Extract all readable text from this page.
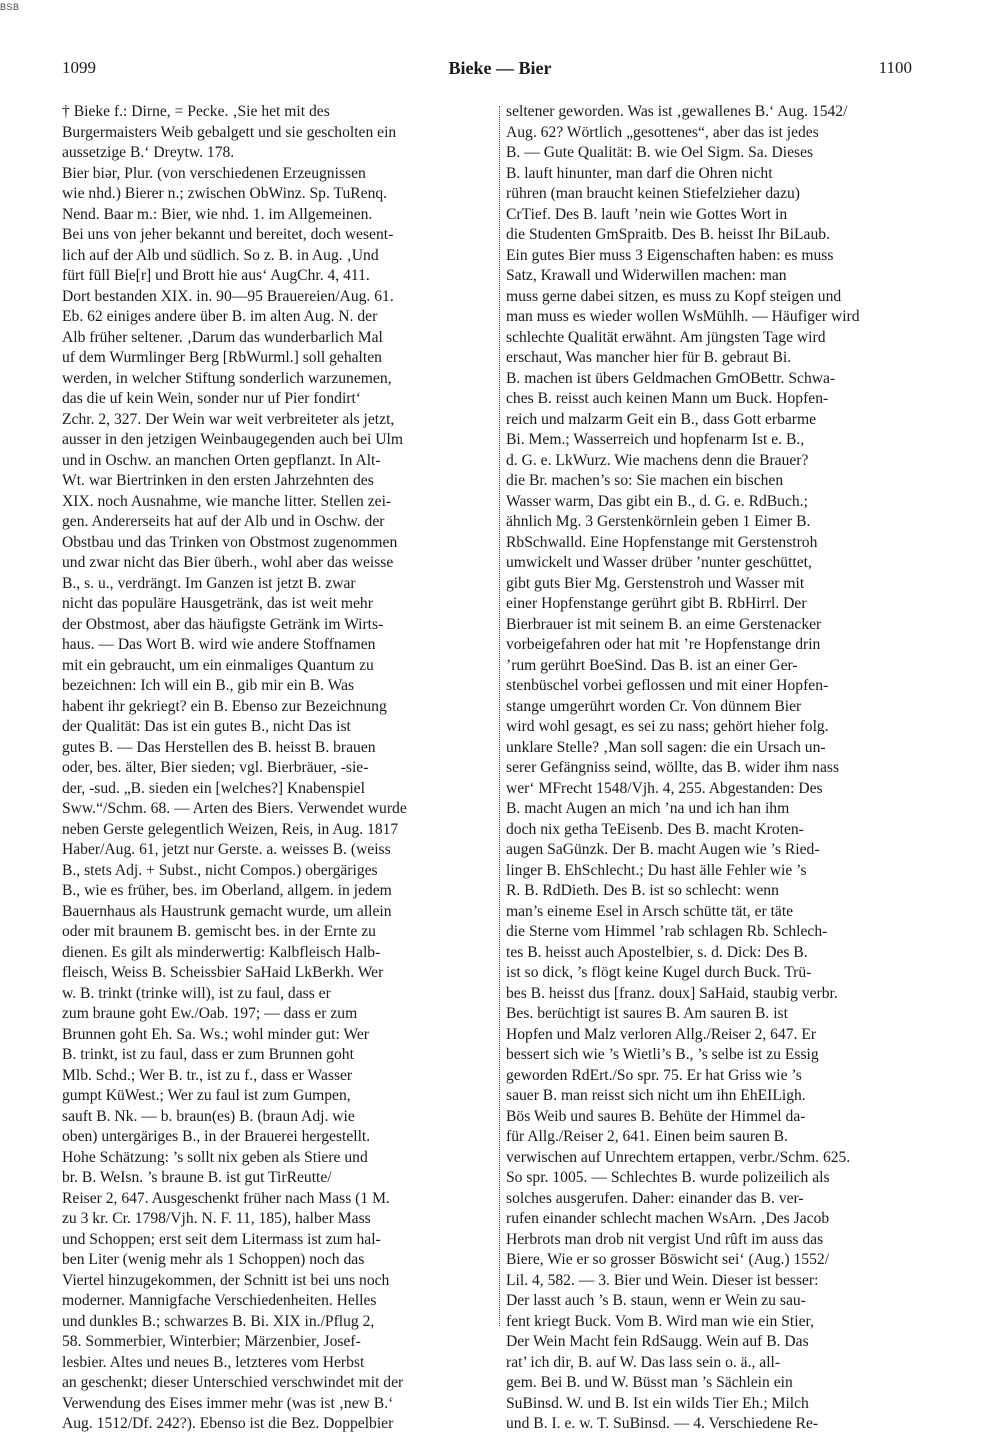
BSB
1099	Bieke — Bier	1100
† Bieke f.: Dirne, = Pecke. ‚Sie het mit des
Burgermaisters Weib gebalgett und sie gescholten ein
aussetzige B.‘ Dreytw. 178.
Bier biər, Plur. (von verschiedenen Erzeugnissen
wie nhd.) Bierer n.; zwischen ObWinz. Sp. TuRenq.
Nend. Baar m.: Bier, wie nhd. 1. im Allgemeinen.
Bei uns von jeher bekannt und bereitet, doch wesent-
lich auf der Alb und südlich. So z. B. in Aug. ‚Und
fürt füll Bie[r] und Brott hie aus‘ AugChr. 4, 411.
Dort bestanden XIX. in. 90—95 Brauereien/Aug. 61.
Eb. 62 einiges andere über B. im alten Aug. N. der
Alb früher seltener. ‚Darum das wunderbarlich Mal
uf dem Wurmlinger Berg [RbWurml.] soll gehalten
werden, in welcher Stiftung sonderlich warzunemen,
das die uf kein Wein, sonder nur uf Pier fondirt‘
Zchr. 2, 327. Der Wein war weit verbreiteter als jetzt,
ausser in den jetzigen Weinbaugegenden auch bei Ulm
und in Oschw. an manchen Orten gepflanzt. In Alt-
Wt. war Biertrinken in den ersten Jahrzehnten des
XIX. noch Ausnahme, wie manche litter. Stellen zei-
gen. Andererseits hat auf der Alb und in Oschw. der
Obstbau und das Trinken von Obstmost zugenommen
und zwar nicht das Bier überh., wohl aber das weisse
B., s. u., verdrängt. Im Ganzen ist jetzt B. zwar
nicht das populäre Hausgetränk, das ist weit mehr
der Obstmost, aber das häufigste Getränk im Wirts-
haus. — Das Wort B. wird wie andere Stoffnamen
mit ein gebraucht, um ein einmaliges Quantum zu
bezeichnen: Ich will ein B., gib mir ein B. Was
habent ihr gekriegt? ein B. Ebenso zur Bezeichnung
der Qualität: Das ist ein gutes B., nicht Das ist
gutes B. — Das Herstellen des B. heisst B. brauen
oder, bes. älter, Bier sieden; vgl. Bierbräuer, -sie-
der, -sud. „B. sieden ein [welches?] Knabenspiel
Sww.“/Schm. 68. — Arten des Biers. Verwendet wurde
neben Gerste gelegentlich Weizen, Reis, in Aug. 1817
Haber/Aug. 61, jetzt nur Gerste. a. weisses B. (weiss
B., stets Adj. + Subst., nicht Compos.) obergäriges
B., wie es früher, bes. im Oberland, allgem. in jedem
Bauernhaus als Haustrunk gemacht wurde, um allein
oder mit braunem B. gemischt bes. in der Ernte zu
dienen. Es gilt als minderwertig: Kalbfleisch Halb-
fleisch, Weiss B. Scheissbier SaHaid LkBerkh. Wer
w. B. trinkt (trinke will), ist zu faul, dass er
zum braune goht Ew./Oab. 197; — dass er zum
Brunnen goht Eh. Sa. Ws.; wohl minder gut: Wer
B. trinkt, ist zu faul, dass er zum Brunnen goht
Mlb. Schd.; Wer B. tr., ist zu f., dass er Wasser
gumpt KüWest.; Wer zu faul ist zum Gumpen,
sauft B. Nk. — b. braun(es) B. (braun Adj. wie
oben) untergäriges B., in der Brauerei hergestellt.
Hohe Schätzung: ’s sollt nix geben als Stiere und
br. B. WeIsn. ’s braune B. ist gut TirReutte/
Reiser 2, 647. Ausgeschenkt früher nach Mass (1 M.
zu 3 kr. Cr. 1798/Vjh. N. F. 11, 185), halber Mass
und Schoppen; erst seit dem Litermass ist zum hal-
ben Liter (wenig mehr als 1 Schoppen) noch das
Viertel hinzugekommen, der Schnitt ist bei uns noch
moderner. Mannigfache Verschiedenheiten. Helles
und dunkles B.; schwarzes B. Bi. XIX in./Pflug 2,
58. Sommerbier, Winterbier; Märzenbier, Josef-
lesbier. Altes und neues B., letzteres vom Herbst
an geschenkt; dieser Unterschied verschwindet mit der
Verwendung des Eises immer mehr (was ist ‚new B.‘
Aug. 1512/Df. 242?). Ebenso ist die Bez. Doppelbier
seltener geworden. Was ist ‚gewallenes B.‘ Aug. 1542/
Aug. 62? Wörtlich „gesottenes“, aber das ist jedes
B. — Gute Qualität: B. wie Oel Sigm. Sa. Dieses
B. lauft hinunter, man darf die Ohren nicht
rühren (man braucht keinen Stiefelzieher dazu)
CrTief. Des B. lauft ’nein wie Gottes Wort in
die Studenten GmSpraitb. Des B. heisst Ihr BiLaub.
Ein gutes Bier muss 3 Eigenschaften haben: es muss
Satz, Krawall und Widerwillen machen: man
muss gerne dabei sitzen, es muss zu Kopf steigen und
man muss es wieder wollen WsMühlh. — Häufiger wird
schlechte Qualität erwähnt. Am jüngsten Tage wird
erschaut, Was mancher hier für B. gebraut Bi.
B. machen ist übers Geldmachen GmOBettr. Schwa-
ches B. reisst auch keinen Mann um Buck. Hopfen-
reich und malzarm Geit ein B., dass Gott erbarme
Bi. Mem.; Wasserreich und hopfenarm Ist e. B.,
d. G. e. LkWurz. Wie machens denn die Brauer?
die Br. machen’s so: Sie machen ein bischen
Wasser warm, Das gibt ein B., d. G. e. RdBuch.;
ähnlich Mg. 3 Gerstenkörnlein geben 1 Eimer B.
RbSchwalld. Eine Hopfenstange mit Gerstenstroh
umwickelt und Wasser drüber ’nunter geschüttet,
gibt guts Bier Mg. Gerstenstroh und Wasser mit
einer Hopfenstange gerührt gibt B. RbHirrl. Der
Bierbrauer ist mit seinem B. an eime Gerstenacker
vorbeigefahren oder hat mit ’re Hopfenstange drin
’rum gerührt BoeSind. Das B. ist an einer Ger-
stenbüschel vorbei geflossen und mit einer Hopfen-
stange umgerührt worden Cr. Von dünnem Bier
wird wohl gesagt, es sei zu nass; gehört hieher folg.
unklare Stelle? ‚Man soll sagen: die ein Ursach un-
serer Gefängniss seind, wöllte, das B. wider ihm nass
wer‘ MFrecht 1548/Vjh. 4, 255. Abgestanden: Des
B. macht Augen an mich ’na und ich han ihm
doch nix getha TeEisenb. Des B. macht Kroten-
augen SaGünzk. Der B. macht Augen wie ’s Ried-
linger B. EhSchlecht.; Du hast älle Fehler wie ’s
R. B. RdDieth. Des B. ist so schlecht: wenn
man’s eineme Esel in Arsch schütte tät, er täte
die Sterne vom Himmel ’rab schlagen Rb. Schlech-
tes B. heisst auch Apostelbier, s. d. Dick: Des B.
ist so dick, ’s flögt keine Kugel durch Buck. Trü-
bes B. heisst dus [franz. doux] SaHaid, staubig verbr.
Bes. berüchtigt ist saures B. Am sauren B. ist
Hopfen und Malz verloren Allg./Reiser 2, 647. Er
bessert sich wie ’s Wietli’s B., ’s selbe ist zu Essig
geworden RdErt./So spr. 75. Er hat Griss wie ’s
sauer B. man reisst sich nicht um ihn EhEILigh.
Bös Weib und saures B. Behüte der Himmel da-
für Allg./Reiser 2, 641. Einen beim sauren B.
verwischen auf Unrechtem ertappen, verbr./Schm. 625.
So spr. 1005. — Schlechtes B. wurde polizeilich als
solches ausgerufen. Daher: einander das B. ver-
rufen einander schlecht machen WsArn. ‚Des Jacob
Herbrots man drob nit vergist Und rûft im auss das
Biere, Wie er so grosser Böswicht sei‘ (Aug.) 1552/
Lil. 4, 582. — 3. Bier und Wein. Dieser ist besser:
Der lasst auch ’s B. staun, wenn er Wein zu sau-
fent kriegt Buck. Vom B. Wird man wie ein Stier,
Der Wein Macht fein RdSaugg. Wein auf B. Das
rat’ ich dir, B. auf W. Das lass sein o. ä., all-
gem. Bei B. und W. Büsst man ’s Sächlein ein
SuBinsd. W. und B. Ist ein wilds Tier Eh.; Milch
und B. I. e. w. T. SuBinsd. — 4. Verschiedene Re-
